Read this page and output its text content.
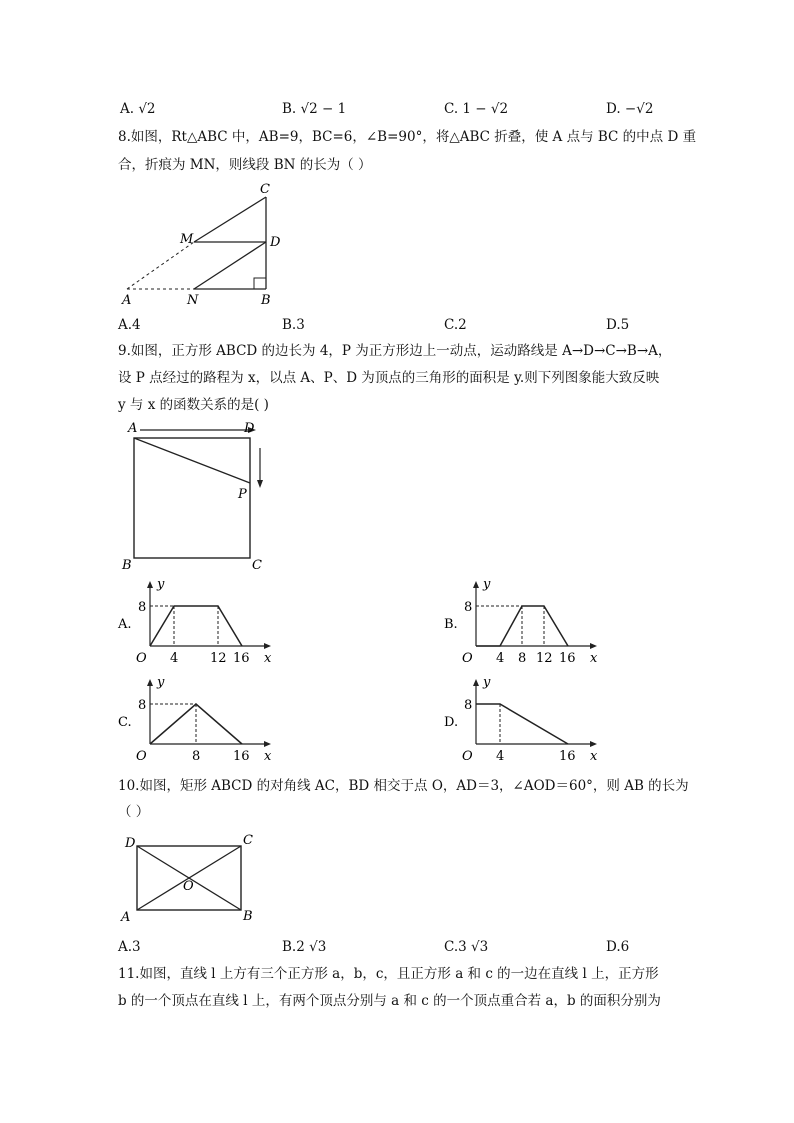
A. √2	B. √2 − 1	C. 1 − √2	D. −√2
8.如图，Rt△ABC 中，AB=9，BC=6，∠B=90°，将△ABC 折叠，使 A 点与 BC 的中点 D 重
合，折痕为 MN，则线段 BN 的长为（ ）
C
M	D
A	N	B
A.4	B.3	C.2	D.5
9.如图，正方形 ABCD 的边长为 4，P 为正方形边上一动点，运动路线是 A→D→C→B→A，
设 P 点经过的路程为 x，以点 A、P、D 为顶点的三角形的面积是 y.则下列图象能大致反映
y 与 x 的函数关系的是( )
A	D
P
B	C
A.
y
8
O 4 12 16 x
B.
y
8
O 4 8 12 16 x
C.
y
8
O	8	16 x
D.
y
8
O 4	16 x
10.如图，矩形 ABCD 的对角线 AC，BD 相交于点 O，AD＝3，∠AOD＝60°，则 AB 的长为
（ ）
D	C
O
A	B
A.3	B.2 √3	C.3 √3	D.6
11.如图，直线 l 上方有三个正方形 a，b，c，且正方形 a 和 c 的一边在直线 l 上，正方形
b 的一个顶点在直线 l 上，有两个顶点分别与 a 和 c 的一个顶点重合若 a，b 的面积分别为
